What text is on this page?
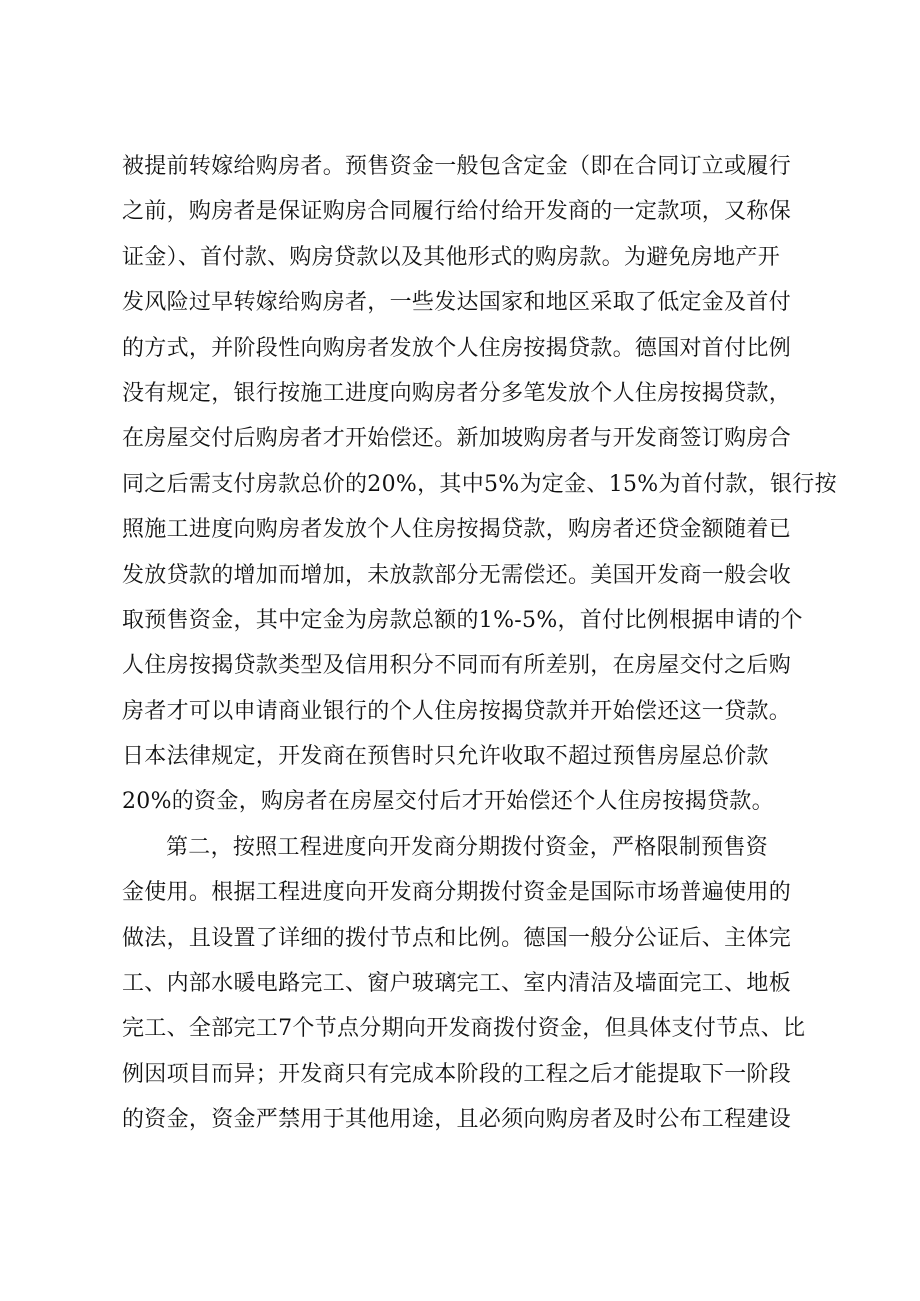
被提前转嫁给购房者。预售资金一般包含定金（即在合同订立或履行
之前，购房者是保证购房合同履行给付给开发商的一定款项，又称保
证金）、首付款、购房贷款以及其他形式的购房款。为避免房地产开
发风险过早转嫁给购房者，一些发达国家和地区采取了低定金及首付
的方式，并阶段性向购房者发放个人住房按揭贷款。德国对首付比例
没有规定，银行按施工进度向购房者分多笔发放个人住房按揭贷款，
在房屋交付后购房者才开始偿还。新加坡购房者与开发商签订购房合
同之后需支付房款总价的20%，其中5%为定金、15%为首付款，银行按
照施工进度向购房者发放个人住房按揭贷款，购房者还贷金额随着已
发放贷款的增加而增加，未放款部分无需偿还。美国开发商一般会收
取预售资金，其中定金为房款总额的1%-5%，首付比例根据申请的个
人住房按揭贷款类型及信用积分不同而有所差别，在房屋交付之后购
房者才可以申请商业银行的个人住房按揭贷款并开始偿还这一贷款。
日本法律规定，开发商在预售时只允许收取不超过预售房屋总价款
20%的资金，购房者在房屋交付后才开始偿还个人住房按揭贷款。
第二，按照工程进度向开发商分期拨付资金，严格限制预售资
金使用。根据工程进度向开发商分期拨付资金是国际市场普遍使用的
做法，且设置了详细的拨付节点和比例。德国一般分公证后、主体完
工、内部水暖电路完工、窗户玻璃完工、室内清洁及墙面完工、地板
完工、全部完工7个节点分期向开发商拨付资金，但具体支付节点、比
例因项目而异；开发商只有完成本阶段的工程之后才能提取下一阶段
的资金，资金严禁用于其他用途，且必须向购房者及时公布工程建设
